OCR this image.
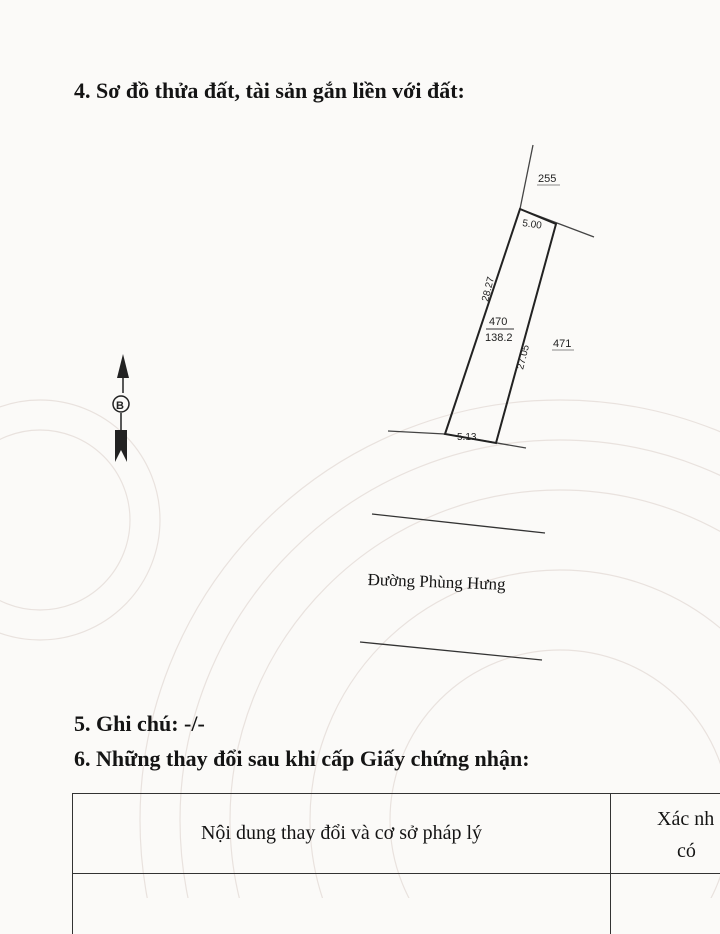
4. Sơ đồ thửa đất, tài sản gắn liền với đất:
255
5.00
28.27
470
138.2
27.05 471
5.13
B
Đường Phùng Hưng
5. Ghi chú: -/-
6. Những thay đổi sau khi cấp Giấy chứng nhận:
Nội dung thay đổi và cơ sở pháp lý
Xác nh
có
